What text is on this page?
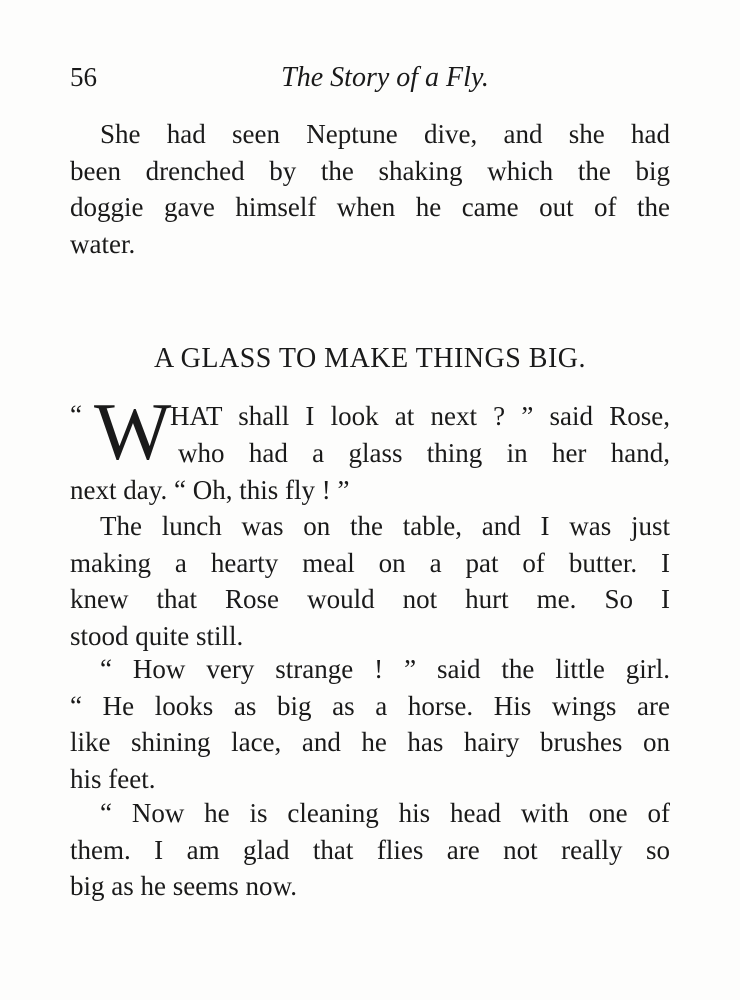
56	The Story of a Fly.

She had seen Neptune dive, and she had
been drenched by the shaking which the big
doggie gave himself when he came out of the
water.

A GLASS TO MAKE THINGS BIG.
“ W
HAT shall I look at next ? ” said Rose,
who had a glass thing in her hand,
next day. “ Oh, this fly ! ”

The lunch was on the table, and I was just
making a hearty meal on a pat of butter. I
knew that Rose would not hurt me. So I
stood quite still.

“ How very strange ! ” said the little girl.
“ He looks as big as a horse. His wings are
like shining lace, and he has hairy brushes on
his feet.

“ Now he is cleaning his head with one of
them. I am glad that flies are not really so
big as he seems now.
